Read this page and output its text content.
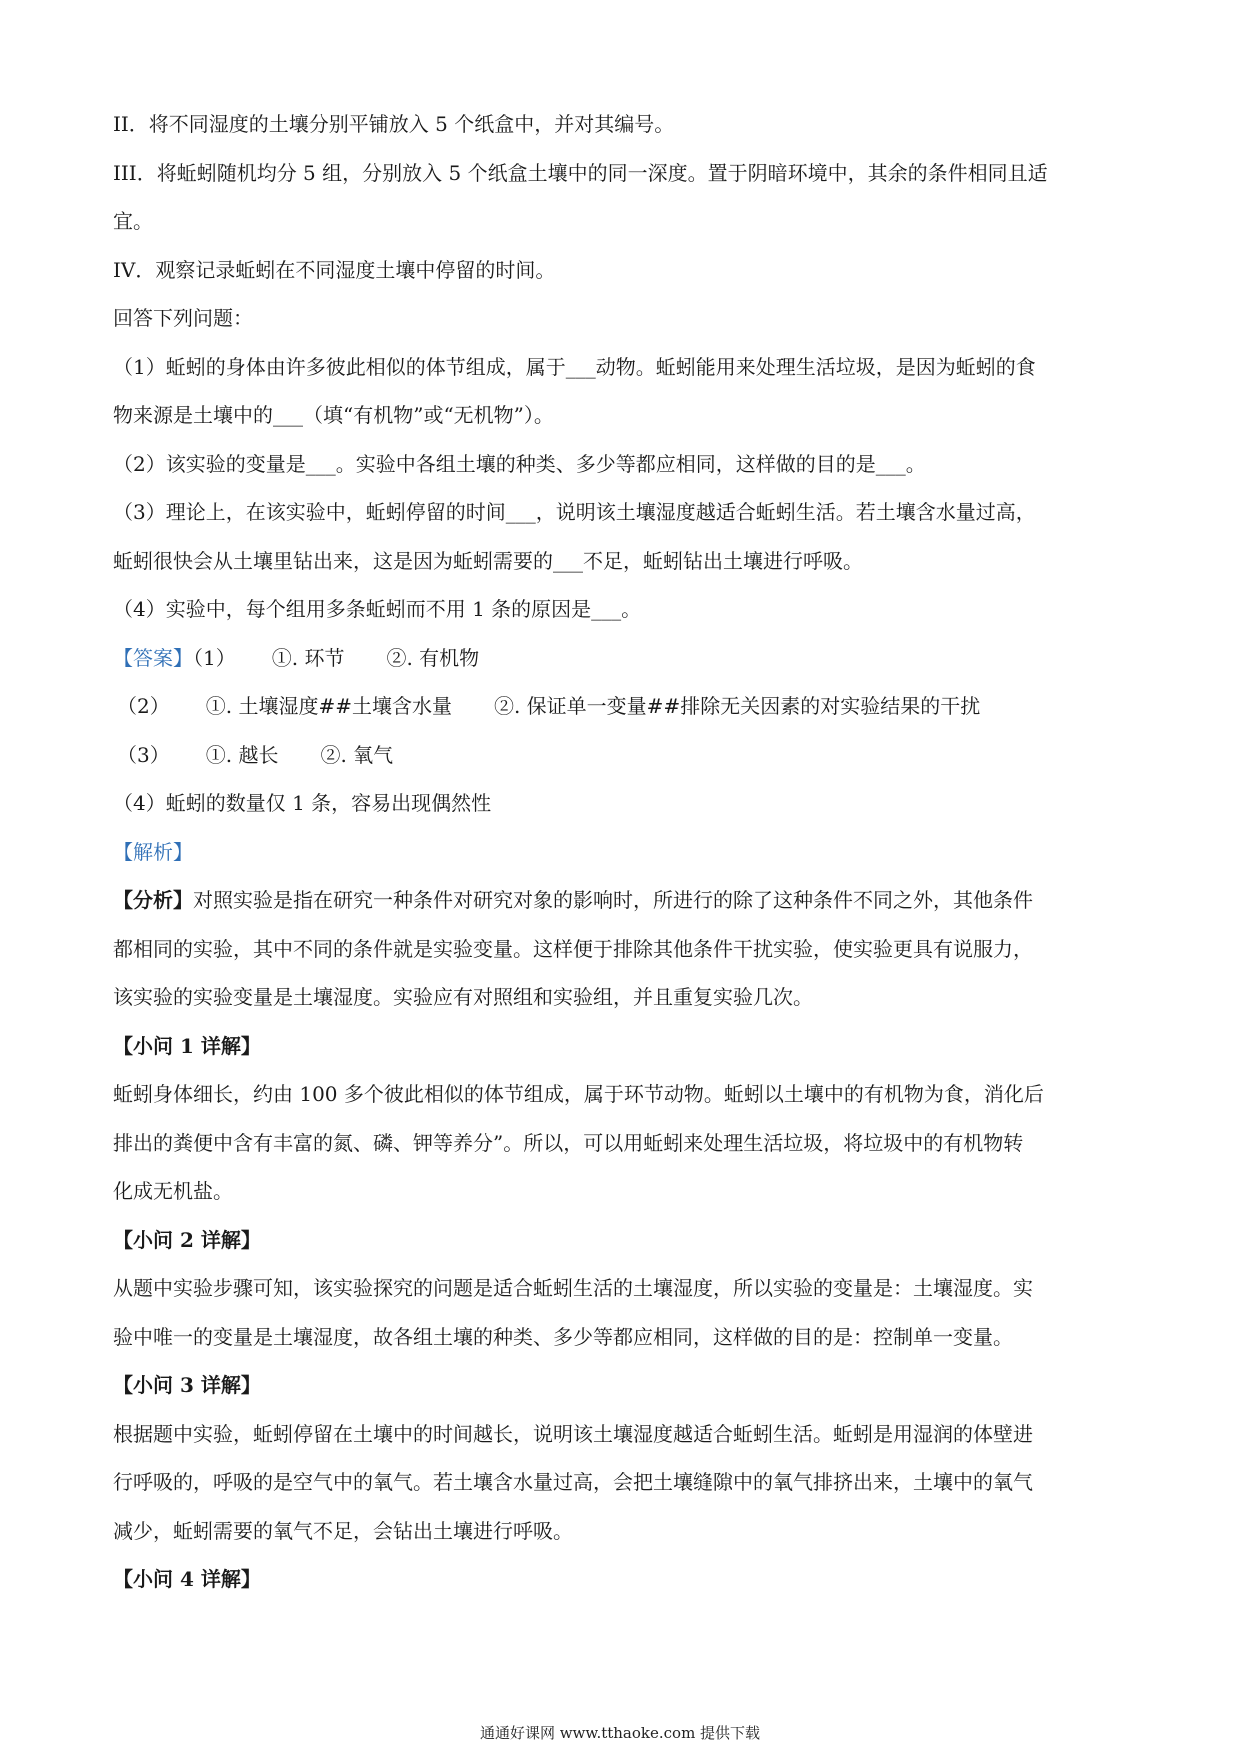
II．将不同湿度的土壤分别平铺放入 5 个纸盒中，并对其编号。
III．将蚯蚓随机均分 5 组，分别放入 5 个纸盒土壤中的同一深度。置于阴暗环境中，其余的条件相同且适
宜。
IV．观察记录蚯蚓在不同湿度土壤中停留的时间。
回答下列问题：
（1）蚯蚓的身体由许多彼此相似的体节组成，属于___动物。蚯蚓能用来处理生活垃圾，是因为蚯蚓的食
物来源是土壤中的___（填“有机物”或“无机物”）。
（2）该实验的变量是___。实验中各组土壤的种类、多少等都应相同，这样做的目的是___。
（3）理论上，在该实验中，蚯蚓停留的时间___，说明该土壤湿度越适合蚯蚓生活。若土壤含水量过高，
蚯蚓很快会从土壤里钻出来，这是因为蚯蚓需要的___不足，蚯蚓钻出土壤进行呼吸。
（4）实验中，每个组用多条蚯蚓而不用 1 条的原因是___。
【答案】（1） ①. 环节 ②. 有机物
（2） ①. 土壤湿度##土壤含水量 ②. 保证单一变量##排除无关因素的对实验结果的干扰
（3） ①. 越长 ②. 氧气
（4）蚯蚓的数量仅 1 条，容易出现偶然性
【解析】
【分析】对照实验是指在研究一种条件对研究对象的影响时，所进行的除了这种条件不同之外，其他条件
都相同的实验，其中不同的条件就是实验变量。这样便于排除其他条件干扰实验，使实验更具有说服力，
该实验的实验变量是土壤湿度。实验应有对照组和实验组，并且重复实验几次。
【小问 1 详解】
蚯蚓身体细长，约由 100 多个彼此相似的体节组成，属于环节动物。蚯蚓以土壤中的有机物为食，消化后
排出的粪便中含有丰富的氮、磷、钾等养分”。所以，可以用蚯蚓来处理生活垃圾，将垃圾中的有机物转
化成无机盐。
【小问 2 详解】
从题中实验步骤可知，该实验探究的问题是适合蚯蚓生活的土壤湿度，所以实验的变量是：土壤湿度。实
验中唯一的变量是土壤湿度，故各组土壤的种类、多少等都应相同，这样做的目的是：控制单一变量。
【小问 3 详解】
根据题中实验，蚯蚓停留在土壤中的时间越长，说明该土壤湿度越适合蚯蚓生活。蚯蚓是用湿润的体壁进
行呼吸的，呼吸的是空气中的氧气。若土壤含水量过高，会把土壤缝隙中的氧气排挤出来，土壤中的氧气
减少，蚯蚓需要的氧气不足，会钻出土壤进行呼吸。
【小问 4 详解】
通通好课网 www.tthaoke.com 提供下载
